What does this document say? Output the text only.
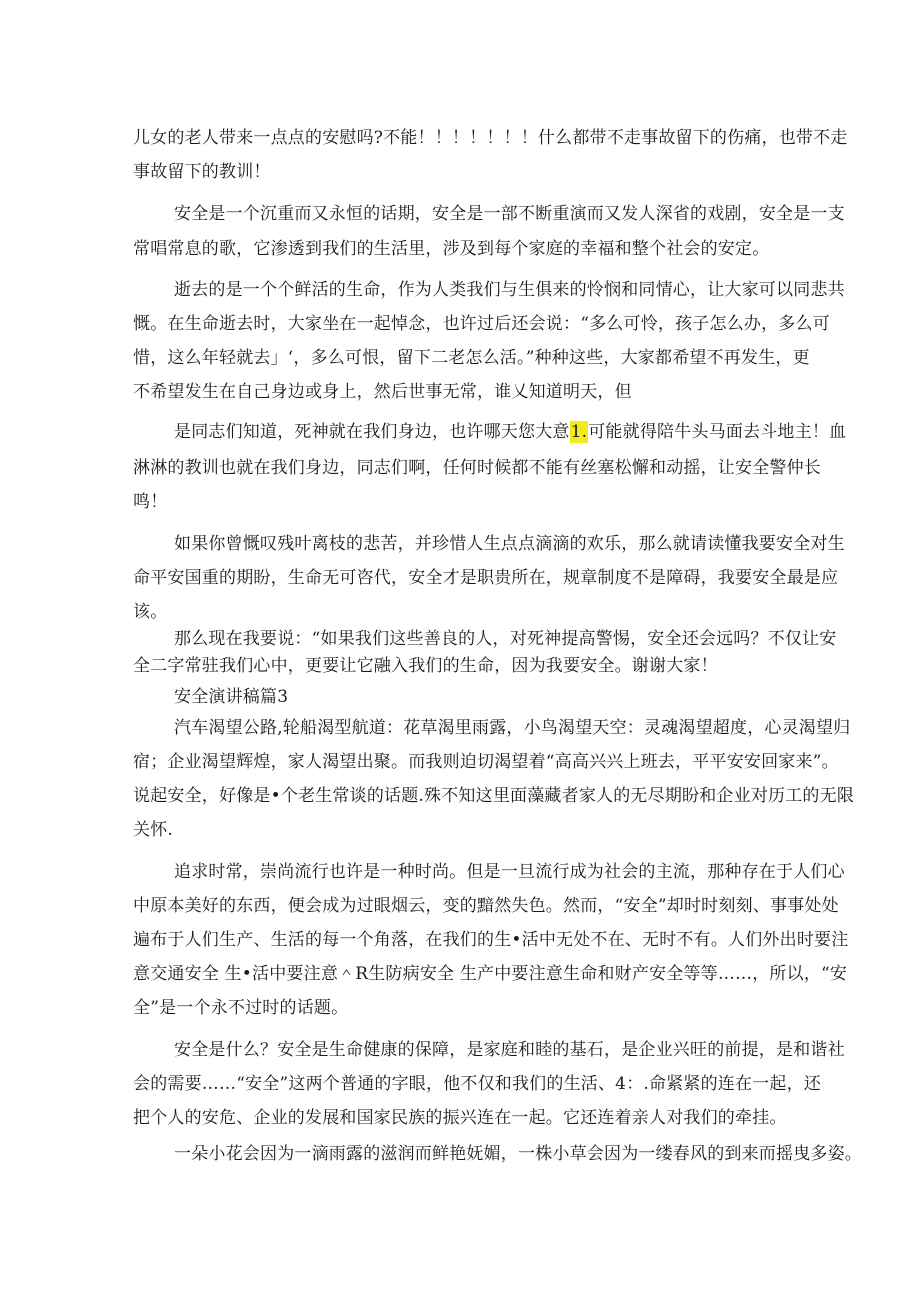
儿女的老人带来一点点的安慰吗?不能！！！！！！！什么都带不走事故留下的伤痛，也带不走
事故留下的教训！
安全是一个沉重而又永恒的话期，安全是一部不断重演而又发人深省的戏剧，安全是一支
常唱常息的歌，它渗透到我们的生活里，涉及到每个家庭的幸福和整个社会的安定。
逝去的是一个个鲜活的生命，作为人类我们与生俱来的怜悯和同情心，让大家可以同悲共
慨。在生命逝去时，大家坐在一起悼念，也许过后还会说：“多么可怜，孩子怎么办，多么可
惜，这么年轻就去」‘，多么可恨，留下二老怎么活。”种种这些，大家都希望不再发生，更
不希望发生在自己身边或身上，然后世事无常，谁乂知道明天，但
是同志们知道，死神就在我们身边，也许哪天您大意1.可能就得陪牛头马面去斗地主！血
淋淋的教训也就在我们身边，同志们啊，任何时候都不能有丝塞松懈和动摇，让安全警仲长
鸣！
如果你曾慨叹残叶离枝的悲苦，并珍惜人生点点滴滴的欢乐，那么就请读懂我要安全对生
命平安国重的期盼，生命无可咨代，安全才是职贵所在，规章制度不是障碍，我要安全最是应
该。
那么现在我要说：“如果我们这些善良的人，对死神提高警惕，安全还会远吗？不仅让安
全二字常驻我们心中，更要让它融入我们的生命，因为我要安全。谢谢大家！
安全演讲稿篇3
汽车渴望公路,轮船渴型航道：花草渴里雨露，小鸟渴望天空：灵魂渴望超度，心灵渴望归
宿；企业渴望辉煌，家人渴望出聚。而我则迫切渴望着“高高兴兴上班去，平平安安回家来”。
说起安全，好像是•个老生常谈的话题.殊不知这里面藻藏者家人的无尽期盼和企业对历工的无限
关怀.
追求时常，崇尚流行也许是一种时尚。但是一旦流行成为社会的主流，那种存在于人们心
中原本美好的东西，便会成为过眼烟云，变的黯然失色。然而，“安全”却时时刻刻、事事处处
遍布于人们生产、生活的每一个角落，在我们的生•活中无处不在、无时不有。人们外出时要注
意交通安全 生•活中要注意＾R生防病安全 生产中要注意生命和财产安全等等……，所以，“安
全”是一个永不过时的话题。
安全是什么？安全是生命健康的保障，是家庭和睦的基石，是企业兴旺的前提，是和谐社
会的需要……“安全”这两个普通的字眼，他不仅和我们的生活、4：.命紧紧的连在一起，还
把个人的安危、企业的发展和国家民族的振兴连在一起。它还连着亲人对我们的牵挂。
一朵小花会因为一滴雨露的滋润而鲜艳妩媚，一株小草会因为一缕春风的到来而摇曳多姿。
